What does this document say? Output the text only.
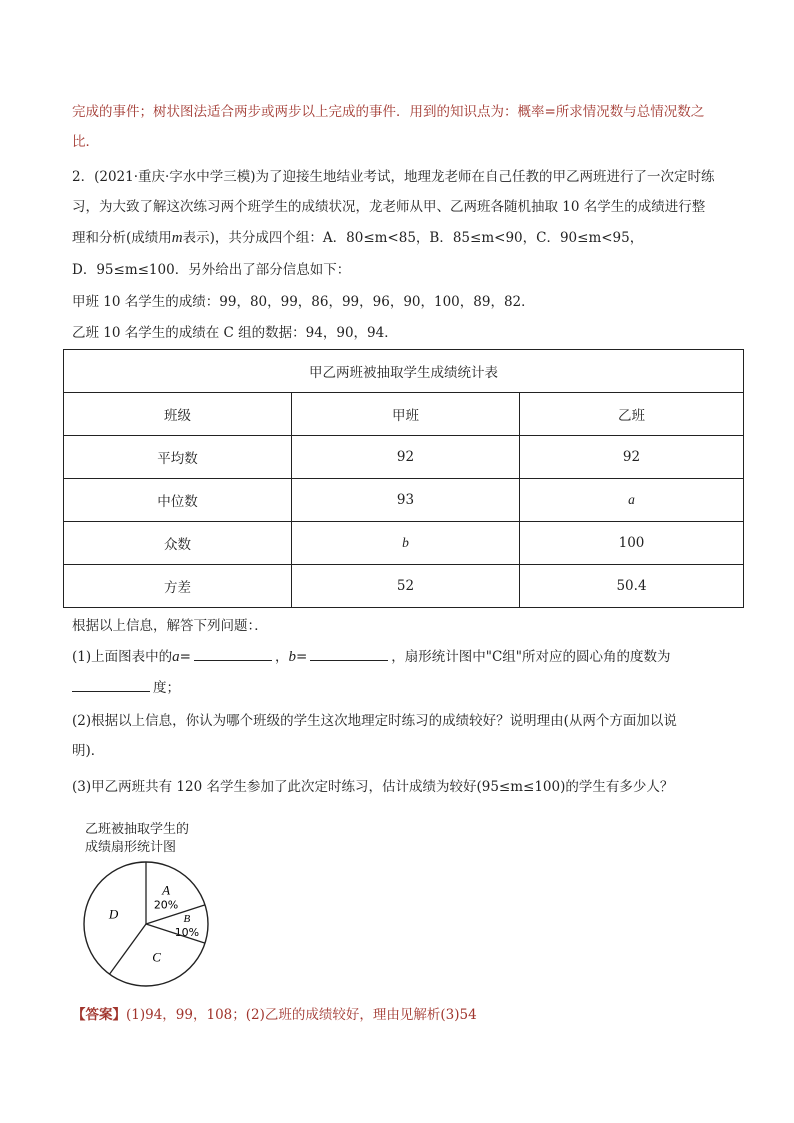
完成的事件；树状图法适合两步或两步以上完成的事件．用到的知识点为：概率=所求情况数与总情况数之
比．
2．(2021·重庆·字水中学三模)为了迎接生地结业考试，地理龙老师在自己任教的甲乙两班进行了一次定时练
习，为大致了解这次练习两个班学生的成绩状况，龙老师从甲、乙两班各随机抽取 10 名学生的成绩进行整
理和分析(成绩用m表示)，共分成四个组：A．80≤m<85，B．85≤m<90，C．90≤m<95，
D．95≤m≤100．另外给出了部分信息如下：
甲班 10 名学生的成绩：99，80，99，86，99，96，90，100，89，82．
乙班 10 名学生的成绩在 C 组的数据：94，90，94．
甲乙两班被抽取学生成绩统计表		
班级	甲班	乙班
平均数	92	92
中位数	93	a
众数	b	100
方差	52	50.4
根据以上信息，解答下列问题：．
(1)上面图表中的a=	，b=	，扇形统计图中"C组"所对应的圆心角的度数为
度；
(2)根据以上信息，你认为哪个班级的学生这次地理定时练习的成绩较好？说明理由(从两个方面加以说
明)．
(3)甲乙两班共有 120 名学生参加了此次定时练习，估计成绩为较好(95≤m≤100)的学生有多少人？
乙班被抽取学生的
成绩扇形统计图
A
20%
B
10%
C
D
【答案】(1)94，99，108；(2)乙班的成绩较好，理由见解析(3)54
